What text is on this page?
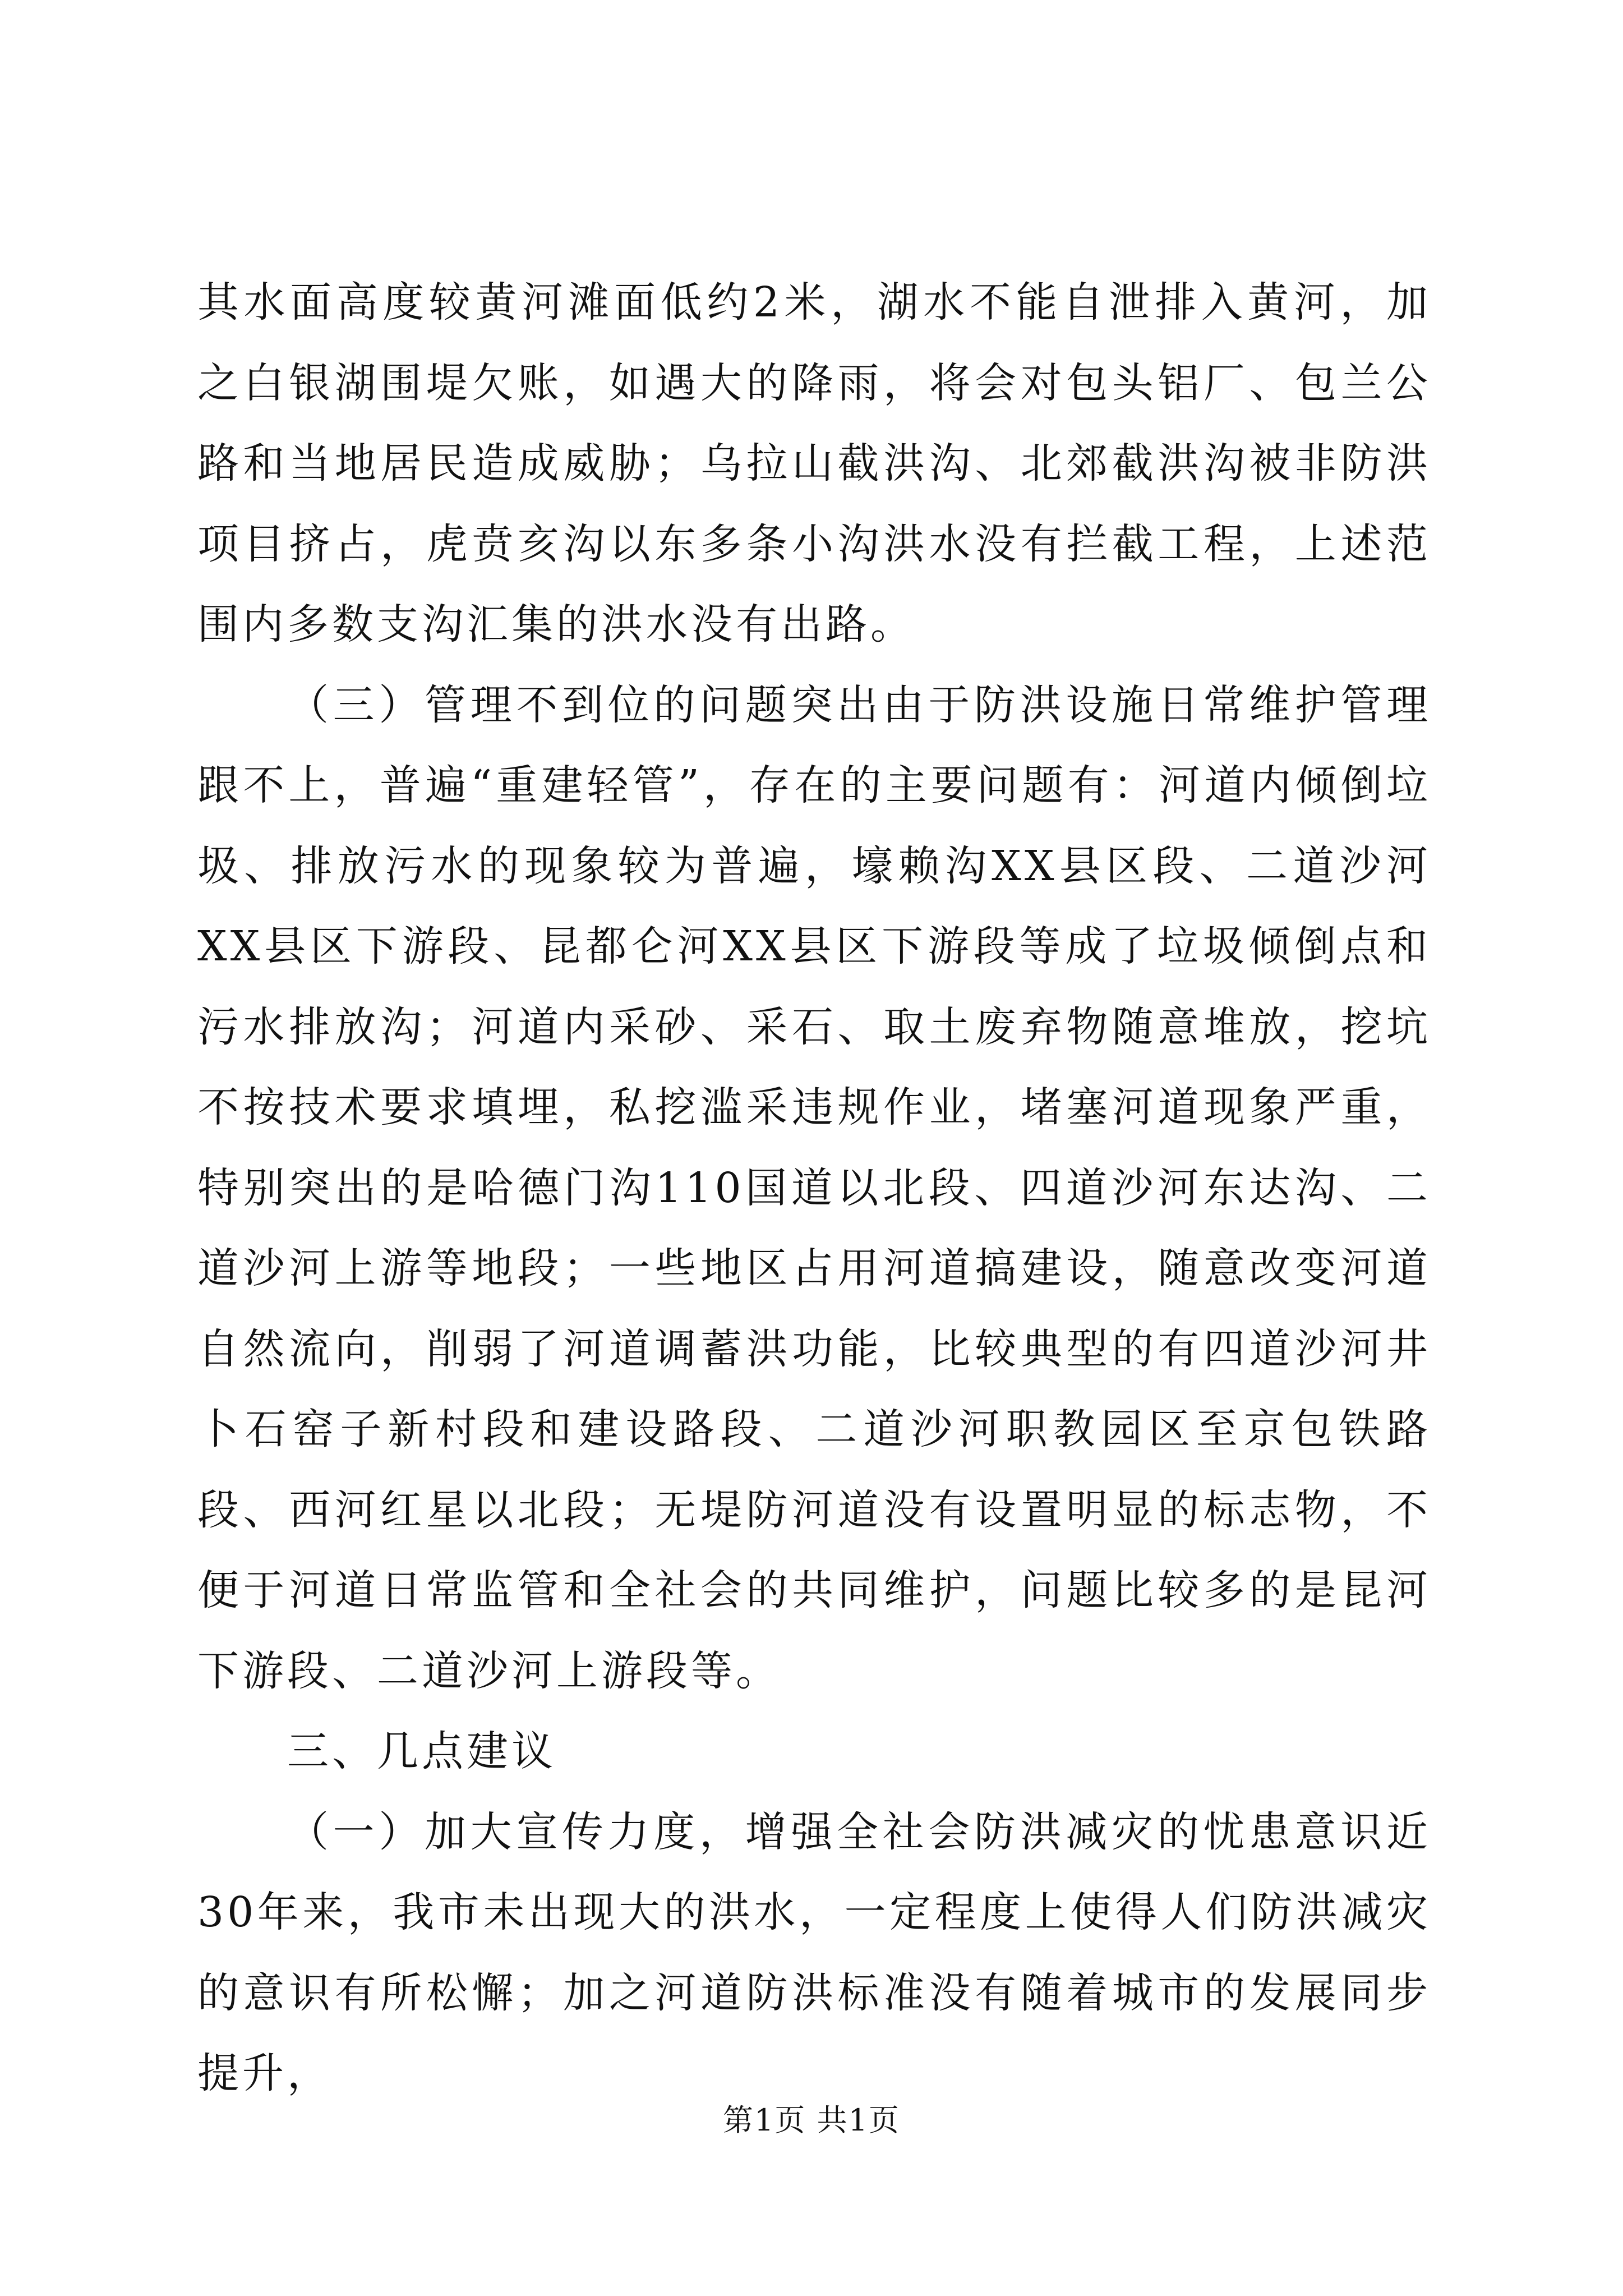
其水面高度较黄河滩面低约2米，湖水不能自泄排入黄河，加之白银湖围堤欠账，如遇大的降雨，将会对包头铝厂、包兰公路和当地居民造成威胁；乌拉山截洪沟、北郊截洪沟被非防洪项目挤占，虎贲亥沟以东多条小沟洪水没有拦截工程，上述范围内多数支沟汇集的洪水没有出路。

（三）管理不到位的问题突出由于防洪设施日常维护管理跟不上，普遍“重建轻管”，存在的主要问题有：河道内倾倒垃圾、排放污水的现象较为普遍，壕赖沟XX县区段、二道沙河XX县区下游段、昆都仑河XX县区下游段等成了垃圾倾倒点和污水排放沟；河道内采砂、采石、取土废弃物随意堆放，挖坑不按技术要求填埋，私挖滥采违规作业，堵塞河道现象严重，特别突出的是哈德门沟110国道以北段、四道沙河东达沟、二道沙河上游等地段；一些地区占用河道搞建设，随意改变河道自然流向，削弱了河道调蓄洪功能，比较典型的有四道沙河井卜石窑子新村段和建设路段、二道沙河职教园区至京包铁路段、西河红星以北段；无堤防河道没有设置明显的标志物，不便于河道日常监管和全社会的共同维护，问题比较多的是昆河下游段、二道沙河上游段等。

三、几点建议

（一）加大宣传力度，增强全社会防洪减灾的忧患意识近30年来，我市未出现大的洪水，一定程度上使得人们防洪减灾的意识有所松懈；加之河道防洪标准没有随着城市的发展同步提升，

第1页 共1页
